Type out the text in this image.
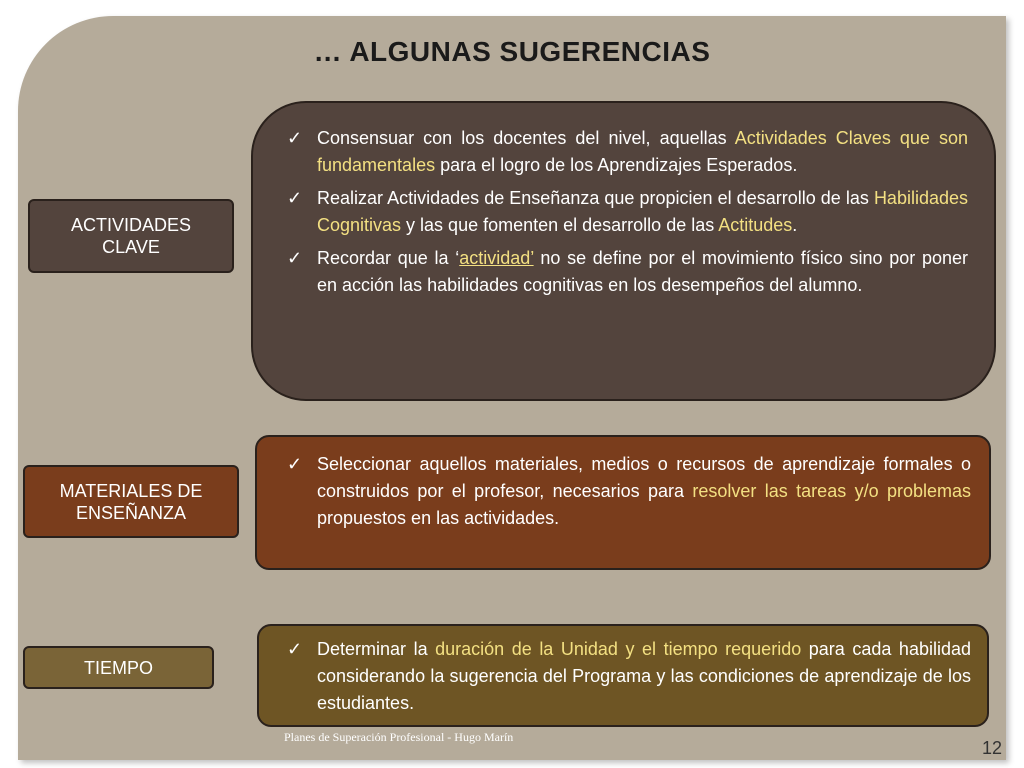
… ALGUNAS SUGERENCIAS
ACTIVIDADES
CLAVE
✓ Consensuar con los docentes del nivel, aquellas Actividades Claves que son fundamentales para el logro de los Aprendizajes Esperados.
✓ Realizar Actividades de Enseñanza que propicien el desarrollo de las Habilidades Cognitivas y las que fomenten el desarrollo de las Actitudes.
✓ Recordar que la ‘actividad’ no se define por el movimiento físico sino por poner en acción las habilidades cognitivas en los desempeños del alumno.
MATERIALES DE
ENSEÑANZA
✓ Seleccionar aquellos materiales, medios o recursos de aprendizaje formales o construidos por el profesor, necesarios para resolver las tareas y/o problemas propuestos en las actividades.
TIEMPO
✓ Determinar la duración de la Unidad y el tiempo requerido para cada habilidad considerando la sugerencia del Programa y las condiciones de aprendizaje de los estudiantes.
Planes de Superación Profesional - Hugo Marín
12
